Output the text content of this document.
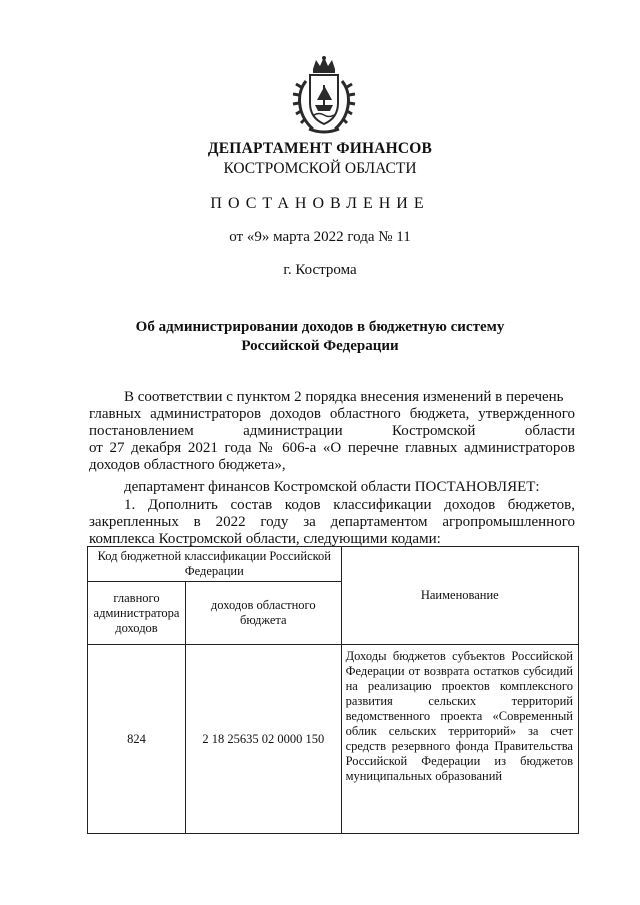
ДЕПАРТАМЕНТ ФИНАНСОВ
КОСТРОМСКОЙ ОБЛАСТИ
ПОСТАНОВЛЕНИЕ
от «9» марта 2022 года № 11
г. Кострома
Об администрировании доходов в бюджетную систему
Российской Федерации
В соответствии с пунктом 2 порядка внесения изменений в перечень
главных администраторов доходов областного бюджета, утвержденного
постановлением администрации Костромской области
от 27 декабря 2021 года № 606-а «О перечне главных администраторов
доходов областного бюджета»,
департамент финансов Костромской области ПОСТАНОВЛЯЕТ:
1. Дополнить состав кодов классификации доходов бюджетов,
закрепленных в 2022 году за департаментом агропромышленного
комплекса Костромской области, следующими кодами:
Код бюджетной классификации Российской Федерации		Наименование
главного администратора доходов	доходов областного бюджета	
824	2 18 25635 02 0000 150	Доходы бюджетов субъектов Российской Федерации от возврата остатков субсидий на реализацию проектов комплексного развития сельских территорий ведомственного проекта «Современный облик сельских территорий» за счет средств резервного фонда Правительства Российской Федерации из бюджетов муниципальных образований
